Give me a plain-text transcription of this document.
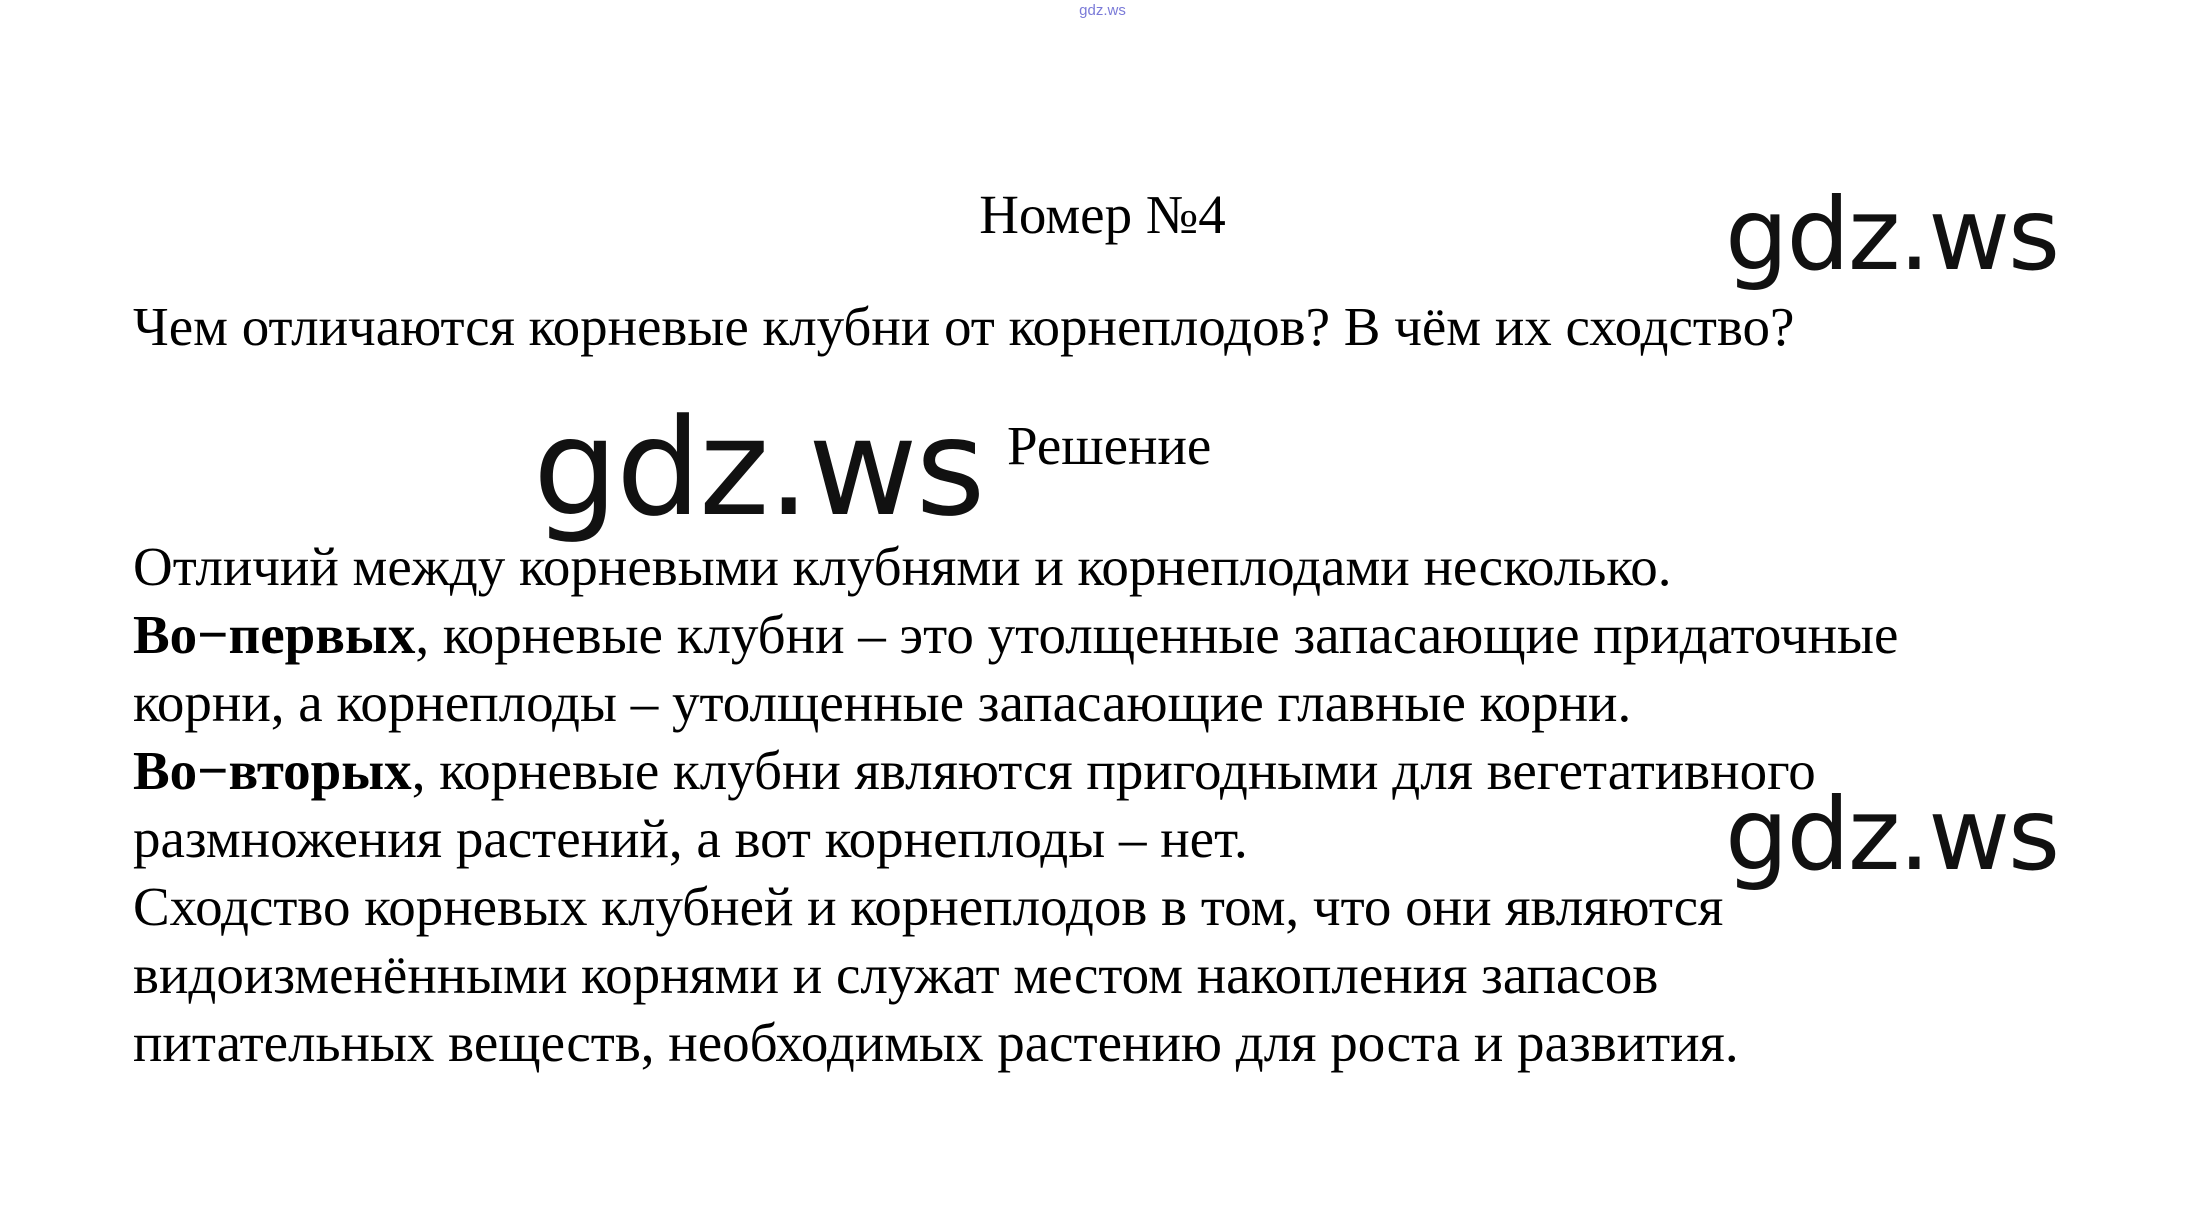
gdz.ws
Номер №4
Чем отличаются корневые клубни от корнеплодов? В чём их сходство?
Решение
Отличий между корневыми клубнями и корнеплодами несколько.
Во−первых, корневые клубни – это утолщенные запасающие придаточные
корни, а корнеплоды – утолщенные запасающие главные корни.
Во−вторых, корневые клубни являются пригодными для вегетативного
размножения растений, а вот корнеплоды – нет.
Сходство корневых клубней и корнеплодов в том, что они являются
видоизменёнными корнями и служат местом накопления запасов
питательных веществ, необходимых растению для роста и развития.
gdz.ws
gdz.ws
gdz.ws
